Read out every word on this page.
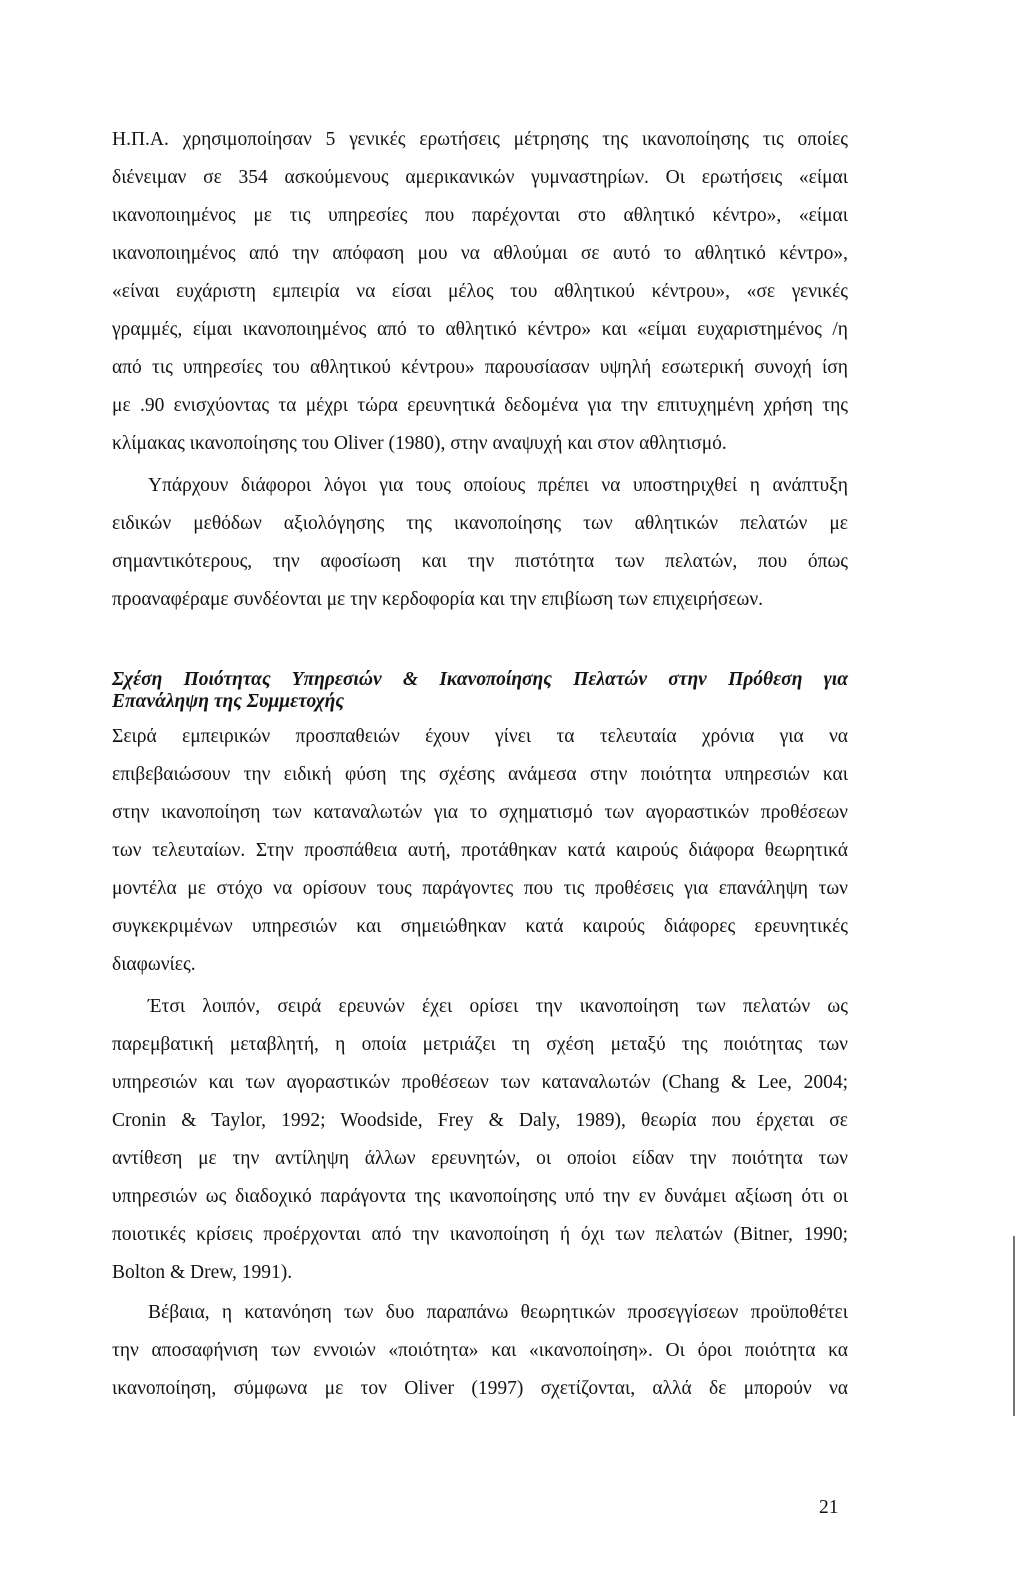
Η.Π.Α. χρησιμοποίησαν 5 γενικές ερωτήσεις μέτρησης της ικανοποίησης τις οποίες
διένειμαν σε 354 ασκούμενους αμερικανικών γυμναστηρίων. Οι ερωτήσεις «είμαι
ικανοποιημένος με τις υπηρεσίες που παρέχονται στο αθλητικό κέντρο», «είμαι
ικανοποιημένος από την απόφαση μου να αθλούμαι σε αυτό το αθλητικό κέντρο»,
«είναι ευχάριστη εμπειρία να είσαι μέλος του αθλητικού κέντρου», «σε γενικές
γραμμές, είμαι ικανοποιημένος από το αθλητικό κέντρο» και «είμαι ευχαριστημένος /η
από τις υπηρεσίες του αθλητικού κέντρου» παρουσίασαν υψηλή εσωτερική συνοχή ίση
με .90 ενισχύοντας τα μέχρι τώρα ερευνητικά δεδομένα για την επιτυχημένη χρήση της
κλίμακας ικανοποίησης του Oliver (1980), στην αναψυχή και στον αθλητισμό.
Υπάρχουν διάφοροι λόγοι για τους οποίους πρέπει να υποστηριχθεί η ανάπτυξη
ειδικών μεθόδων αξιολόγησης της ικανοποίησης των αθλητικών πελατών με
σημαντικότερους, την αφοσίωση και την πιστότητα των πελατών, που όπως
προαναφέραμε συνδέονται με την κερδοφορία και την επιβίωση των επιχειρήσεων.
Σχέση Ποιότητας Υπηρεσιών & Ικανοποίησης Πελατών στην Πρόθεση για
Επανάληψη της Συμμετοχής
Σειρά εμπειρικών προσπαθειών έχουν γίνει τα τελευταία χρόνια για να
επιβεβαιώσουν την ειδική φύση της σχέσης ανάμεσα στην ποιότητα υπηρεσιών και
στην ικανοποίηση των καταναλωτών για το σχηματισμό των αγοραστικών προθέσεων
των τελευταίων. Στην προσπάθεια αυτή, προτάθηκαν κατά καιρούς διάφορα θεωρητικά
μοντέλα με στόχο να ορίσουν τους παράγοντες που τις προθέσεις για επανάληψη των
συγκεκριμένων υπηρεσιών και σημειώθηκαν κατά καιρούς διάφορες ερευνητικές
διαφωνίες.
Έτσι λοιπόν, σειρά ερευνών έχει ορίσει την ικανοποίηση των πελατών ως
παρεμβατική μεταβλητή, η οποία μετριάζει τη σχέση μεταξύ της ποιότητας των
υπηρεσιών και των αγοραστικών προθέσεων των καταναλωτών (Chang & Lee, 2004;
Cronin & Taylor, 1992; Woodside, Frey & Daly, 1989), θεωρία που έρχεται σε
αντίθεση με την αντίληψη άλλων ερευνητών, οι οποίοι είδαν την ποιότητα των
υπηρεσιών ως διαδοχικό παράγοντα της ικανοποίησης υπό την εν δυνάμει αξίωση ότι οι
ποιοτικές κρίσεις προέρχονται από την ικανοποίηση ή όχι των πελατών (Bitner, 1990;
Bolton & Drew, 1991).
Βέβαια, η κατανόηση των δυο παραπάνω θεωρητικών προσεγγίσεων προϋποθέτει
την αποσαφήνιση των εννοιών «ποιότητα» και «ικανοποίηση». Οι όροι ποιότητα κα
ικανοποίηση, σύμφωνα με τον Oliver (1997) σχετίζονται, αλλά δε μπορούν να
21
